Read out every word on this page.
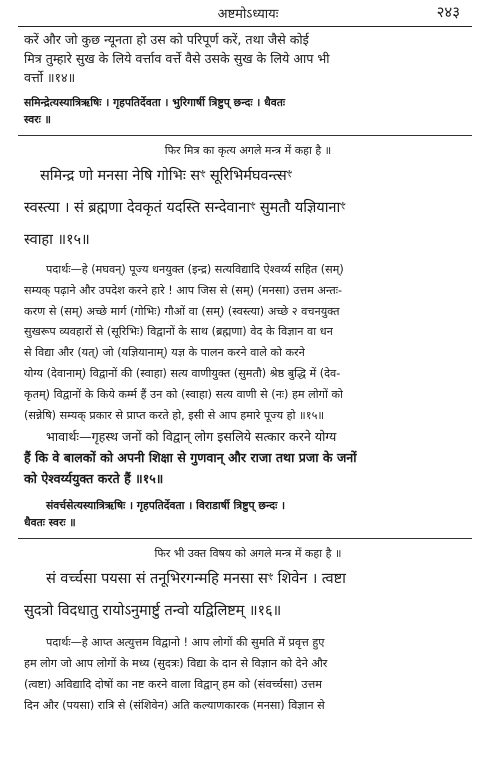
अष्टमोऽध्यायः	२४३

करें और जो कुछ न्यूनता हो उस को परिपूर्ण करें, तथा जैसे कोई

मित्र तुम्हारे सुख के लिये वर्त्ताव वर्त्ते वैसे उसके सुख के लिये आप भी

वर्त्तो ॥१४॥

समिन्द्रेत्यस्यात्रिऋषिः । गृहपतिर्देवता । भुरिगार्षी त्रिष्टुप् छन्दः । धैवतः

स्वरः ॥

फिर मित्र का कृत्य अगले मन्त्र में कहा है ॥

समिन्द्र णो मनसा नेषि गोभिः सꣳ सूरिभिर्मघवन्त्सꣳ

स्वस्त्या । सं ब्रह्मणा देवकृतं यदस्ति सन्देवानाꣳ सुमतौ यज्ञियानाꣳ

स्वाहा ॥१५॥

पदार्थः—हे (मघवन्) पूज्य धनयुक्त (इन्द्र) सत्यविद्यादि ऐश्वर्य्य सहित (सम्)

सम्यक् पढ़ाने और उपदेश करने हारे ! आप जिस से (सम्) (मनसा) उत्तम अन्तः-

करण से (सम्) अच्छे मार्ग (गोभिः) गौओं वा (सम्) (स्वस्त्या) अच्छे २ वचनयुक्त

सुखरूप व्यवहारों से (सूरिभिः) विद्वानों के साथ (ब्रह्मणा) वेद के विज्ञान वा धन

से विद्या और (यत्) जो (यज्ञियानाम्) यज्ञ के पालन करने वाले को करने

योग्य (देवानाम्) विद्वानों की (स्वाहा) सत्य वाणीयुक्त (सुमतौ) श्रेष्ठ बुद्धि में (देव-

कृतम्) विद्वानों के किये कर्म्म हैं उन को (स्वाहा) सत्य वाणी से (नः) हम लोगों को

(सन्नेषि) सम्यक् प्रकार से प्राप्त करते हो, इसी से आप हमारे पूज्य हो ॥१५॥

भावार्थः—गृहस्थ जनों को विद्वान् लोग इसलिये सत्कार करने योग्य

हैं कि वे बालकों को अपनी शिक्षा से गुणवान् और राजा तथा प्रजा के जनों

को ऐश्वर्य्ययुक्त करते हैं ॥१५॥

संवर्चसेत्यस्यात्रिऋषिः । गृहपतिर्देवता । विराडार्षी त्रिष्टुप् छन्दः ।

धैवतः स्वरः ॥

फिर भी उक्त विषय को अगले मन्त्र में कहा है ॥

सं वर्च्चसा पयसा सं तनूभिरगन्महि मनसा सꣳ शिवेन । त्वष्टा

सुदत्रो विदधातु रायोऽनुमार्ष्टु तन्वो यद्विलिष्टम् ॥१६॥

पदार्थः—हे आप्त अत्युत्तम विद्वानो ! आप लोगों की सुमति में प्रवृत्त हुए

हम लोग जो आप लोगों के मध्य (सुदत्रः) विद्या के दान से विज्ञान को देने और

(त्वष्टा) अविद्यादि दोषों का नष्ट करने वाला विद्वान् हम को (संवर्च्चसा) उत्तम

दिन और (पयसा) रात्रि से (संशिवेन) अति कल्याणकारक (मनसा) विज्ञान से
